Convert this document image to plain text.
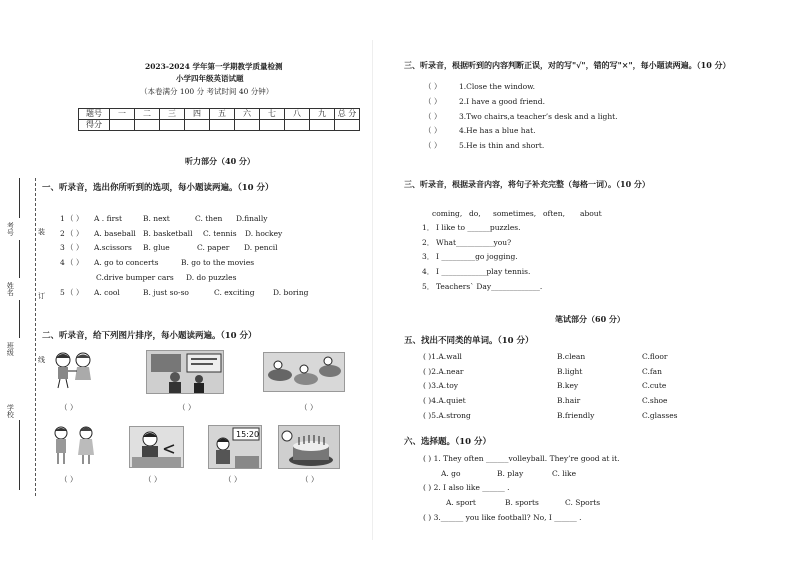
学校
班级
姓名
考号	装
订
线
2023-2024 学年第一学期教学质量检测
小学四年级英语试题
（本卷满分 100 分 考试时间 40 分钟）
题号	一	二	三	四	五	六	七	八	九	总 分
得分										
听力部分（40 分）
一、听录音，选出你所听到的选项，每小题读两遍。（10 分）
1 （ ） A . first	B. next	C. then D.finally
2 （ ） A. baseball B. basketball C. tennis D. hockey
3 （ ） A.scissors B. glue	C. paper D. pencil
4 （ ） A. go to concerts	B. go to the movies
C.drive bumper cars D. do puzzles
5 （ ） A. cool	B. just so-so	C. exciting D. boring
二、听录音，给下列图片排序，每小题读两遍。（10 分）
（ ）	（ ）	（ ）
（ ）	（ ）
15:20
（ ）	（ ）
三、听录音，根据听到的内容判断正误，对的写"√"，错的写"×"，每小题读两遍。（10 分）
（ ） 1.Close the window.
（ ） 2.I have a good friend.
（ ） 3.Two chairs,a teacher’s desk and a light.
（ ） 4.He has a blue hat.
（ ） 5.He is thin and short.
三、听录音，根据录音内容，将句子补充完整（每格一词）。（10 分）
coming, do, sometimes, often, about
1． I like to ______puzzles.
2． What__________you?
3． I _________go jogging.
4． I ____________play tennis.
5． Teachers` Day_____________.
笔试部分（60 分）
五、找出不同类的单词。（10 分）
( )1.A.wall	B.clean	C.floor
( )2.A.near	B.light	C.fan
( )3.A.toy	B.key	C.cute
( )4.A.quiet	B.hair	C.shoe
( )5.A.strong	B.friendly	C.glasses
六、选择题。（10 分）
( ) 1. They often ______volleyball. They’re good at it.
A. go	B. play	C. like
( ) 2. I also like ______ .
A. sport	B. sports	C. Sports
( ) 3.______ you like football? No, I ______ .
